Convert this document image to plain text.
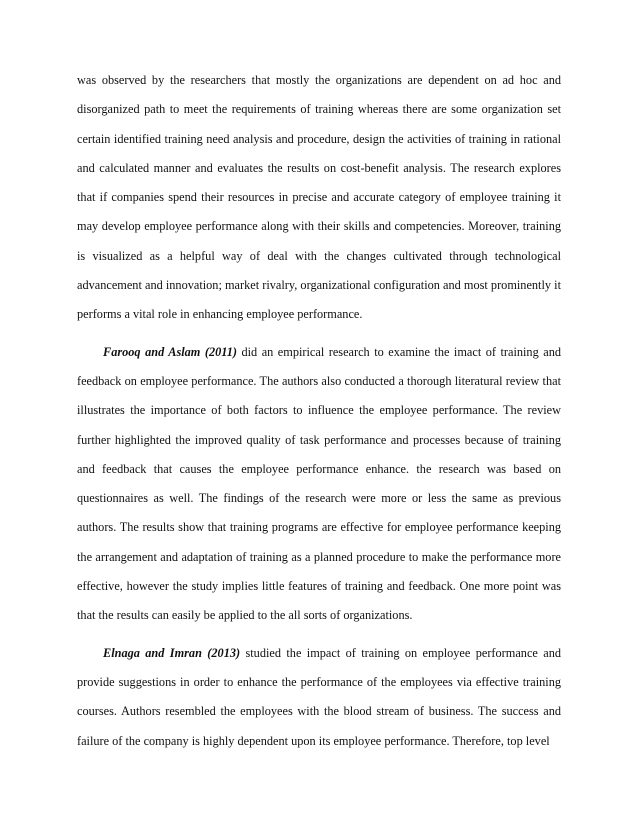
was observed by the researchers that mostly the organizations are dependent on ad hoc and disorganized path to meet the requirements of training whereas there are some organization set certain identified training need analysis and procedure, design the activities of training in rational and calculated manner and evaluates the results on cost-benefit analysis. The research explores that if companies spend their resources in precise and accurate category of employee training it may develop employee performance along with their skills and competencies. Moreover, training is visualized as a helpful way of deal with the changes cultivated through technological advancement and innovation; market rivalry, organizational configuration and most prominently it performs a vital role in enhancing employee performance.

Farooq and Aslam (2011) did an empirical research to examine the imact of training and feedback on employee performance. The authors also conducted a thorough literatural review that illustrates the importance of both factors to influence the employee performance. The review further highlighted the improved quality of task performance and processes because of training and feedback that causes the employee performance enhance. the research was based on questionnaires as well. The findings of the research were more or less the same as previous authors. The results show that training programs are effective for employee performance keeping the arrangement and adaptation of training as a planned procedure to make the performance more effective, however the study implies little features of training and feedback. One more point was that the results can easily be applied to the all sorts of organizations.

Elnaga and Imran (2013) studied the impact of training on employee performance and provide suggestions in order to enhance the performance of the employees via effective training courses. Authors resembled the employees with the blood stream of business. The success and failure of the company is highly dependent upon its employee performance. Therefore, top level
